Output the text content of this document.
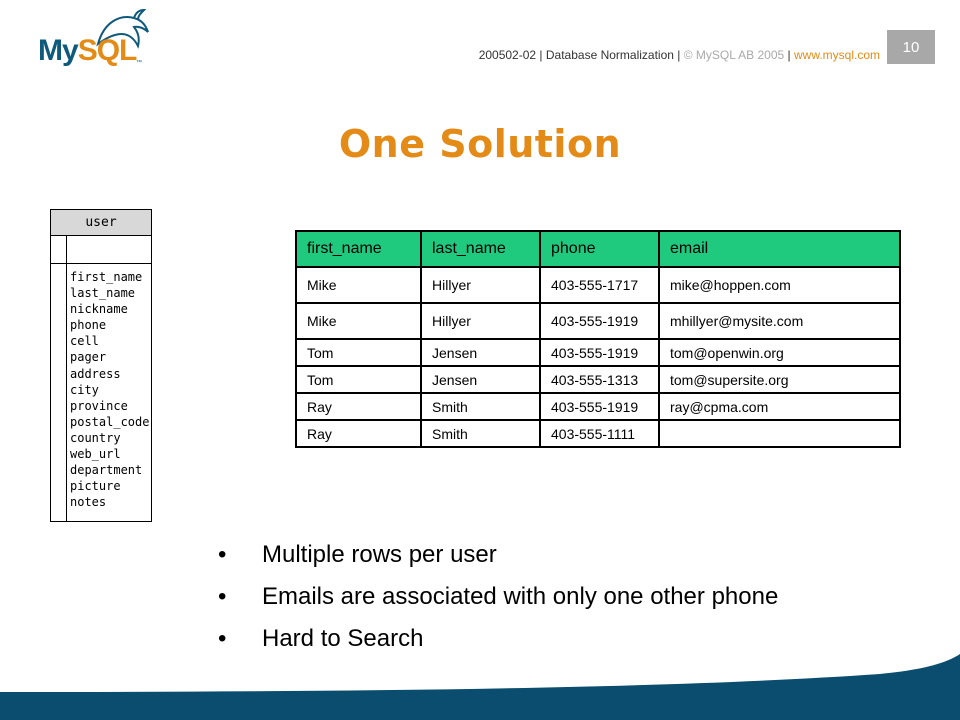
MySQL ™
200502-02 | Database Normalization | © MySQL AB 2005 | www.mysql.com	10
One Solution
user
first_name
last_name
nickname
phone
cell
pager
address
city
province
postal_code
country
web_url
department
picture
notes
first_name	last_name	phone	email
Mike	Hillyer	403-555-1717	mike@hoppen.com
Mike	Hillyer	403-555-1919	mhillyer@mysite.com
Tom	Jensen	403-555-1919	tom@openwin.org
Tom	Jensen	403-555-1313	tom@supersite.org
Ray	Smith	403-555-1919	ray@cpma.com
Ray	Smith	403-555-1111	
•	Multiple rows per user
•	Emails are associated with only one other phone
•	Hard to Search
